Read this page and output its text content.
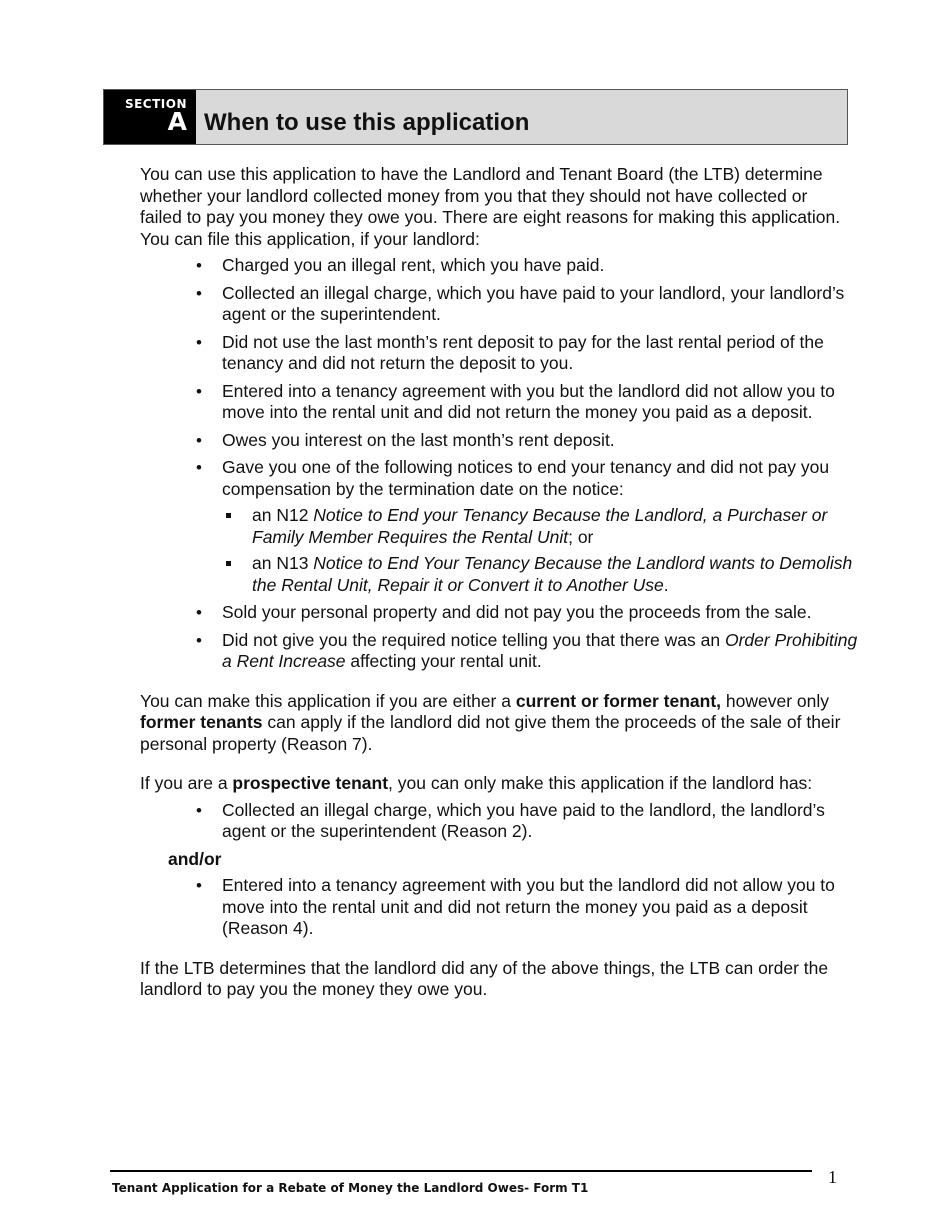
SECTION
A When to use this application

You can use this application to have the Landlord and Tenant Board (the LTB) determine whether your landlord collected money from you that they should not have collected or failed to pay you money they owe you. There are eight reasons for making this application. You can file this application, if your landlord:

• Charged you an illegal rent, which you have paid.
• Collected an illegal charge, which you have paid to your landlord, your landlord’s agent or the superintendent.
• Did not use the last month’s rent deposit to pay for the last rental period of the tenancy and did not return the deposit to you.
• Entered into a tenancy agreement with you but the landlord did not allow you to move into the rental unit and did not return the money you paid as a deposit.
• Owes you interest on the last month’s rent deposit.
• Gave you one of the following notices to end your tenancy and did not pay you compensation by the termination date on the notice:
an N12 Notice to End your Tenancy Because the Landlord, a Purchaser or Family Member Requires the Rental Unit; or
an N13 Notice to End Your Tenancy Because the Landlord wants to Demolish the Rental Unit, Repair it or Convert it to Another Use.
• Sold your personal property and did not pay you the proceeds from the sale.
• Did not give you the required notice telling you that there was an Order Prohibiting a Rent Increase affecting your rental unit.

You can make this application if you are either a current or former tenant, however only former tenants can apply if the landlord did not give them the proceeds of the sale of their personal property (Reason 7).

If you are a prospective tenant, you can only make this application if the landlord has:

• Collected an illegal charge, which you have paid to the landlord, the landlord’s agent or the superintendent (Reason 2).
and/or
• Entered into a tenancy agreement with you but the landlord did not allow you to move into the rental unit and did not return the money you paid as a deposit (Reason 4).

If the LTB determines that the landlord did any of the above things, the LTB can order the landlord to pay you the money they owe you.

Tenant Application for a Rebate of Money the Landlord Owes- Form T1
1
